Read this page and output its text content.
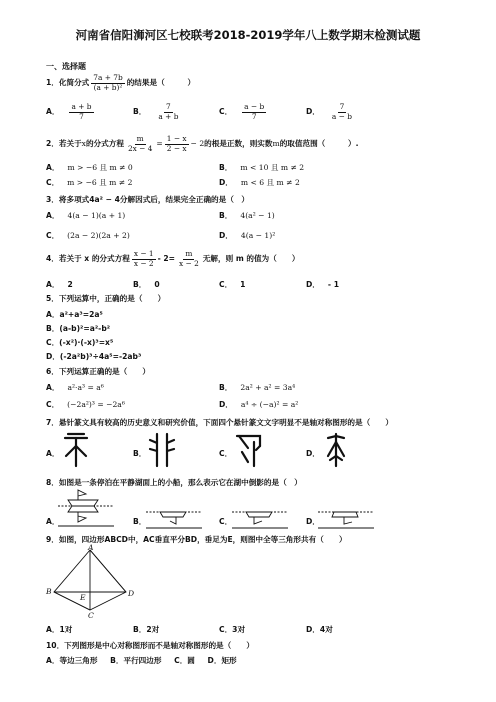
河南省信阳浉河区七校联考2018-2019学年八上数学期末检测试题
一、选择题
1．化简分式 $\frac{7a + 7b}{\text{(a + b)²}}$ 的结果是（　　　）
A． $\frac{a + b}{7}$	B． $\frac{7}{a + b}$	C． $\frac{a - b}{7}$	D． $\frac{7}{a - b}$
2．若关于x的分式方程 $\frac{m}{2x - 4} = \frac{1 - x}{2 - x} - 2$的根是正数，则实数m的取值范围（　　　）.
A． m > −6 且 m ≠ 0	B． m < 10 且 m ≠ 2
C． m > −6 且 m ≠ 2	D． m < 6 且 m ≠ 2
3．将多项式4a² − 4分解因式后，结果完全正确的是（　）
A． 4(a − 1)(a + 1)	B． 4(a² − 1)
C． (2a − 2)(2a + 2)	D． 4(a − 1)²
4．若关于 x 的分式方程 $\frac{x - 1}{x - 2} - 2= \frac{m}{x - 2}$ 无解，则 m 的值为（　　）
A． 2	B． 0	C． 1	D． - 1
5．下列运算中，正确的是（　　）
A．a²+a³=2a⁵
B．(a-b)²=a²-b²
C．(-x²)·(-x)³=x⁵
D．(-2a²b)³÷4a⁵=-2ab³
6．下列运算正确的是（　　）
A． a²·a³ = a⁶	B． 2a² + a² = 3a⁴
C． (−2a²)³ = −2a⁶	D． a⁴ ÷ (−a)² = a²
7．悬针篆文具有较高的历史意义和研究价值，下面四个悬针篆文文字明显不是轴对称图形的是（　　）
A．	B．	C．	D．
8．如图是一条停泊在平静湖面上的小船，那么表示它在湖中倒影的是（　）
A．	B．	C．	D．
9．如图，四边形ABCD中，AC垂直平分BD，垂足为E，则图中全等三角形共有（　　）
A
B
C
D
E
A．1对	B．2对	C．3对	D．4对
10．下列图形是中心对称图形而不是轴对称图形的是（　　）
A．等边三角形 B．平行四边形 C．圆 D．矩形
